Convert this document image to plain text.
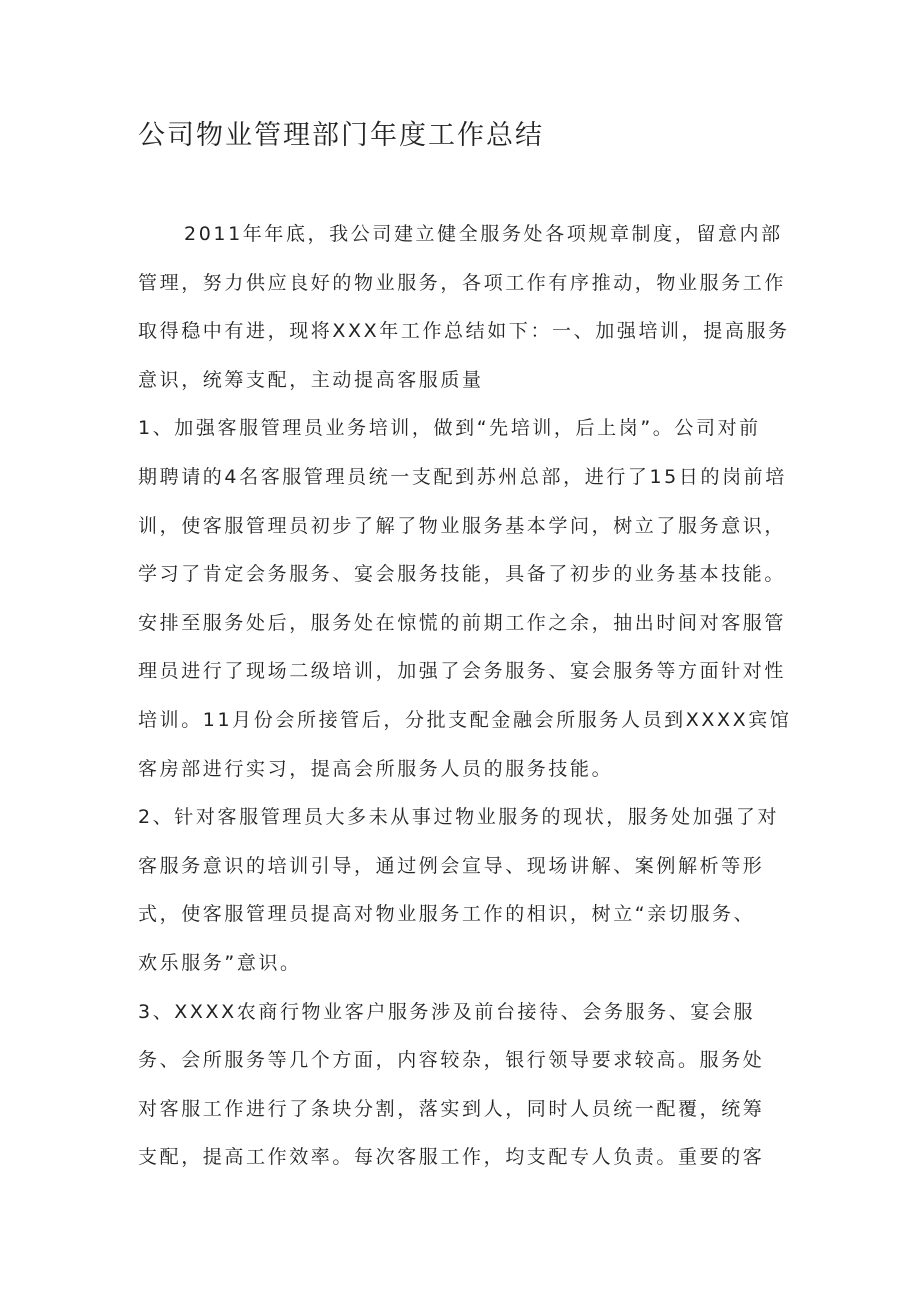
公司物业管理部门年度工作总结
2011年年底，我公司建立健全服务处各项规章制度，留意内部
管理，努力供应良好的物业服务，各项工作有序推动，物业服务工作
取得稳中有进，现将XXX年工作总结如下：一、加强培训，提高服务
意识，统筹支配，主动提高客服质量
1、加强客服管理员业务培训，做到“先培训，后上岗”。公司对前
期聘请的4名客服管理员统一支配到苏州总部，进行了15日的岗前培
训，使客服管理员初步了解了物业服务基本学问，树立了服务意识，
学习了肯定会务服务、宴会服务技能，具备了初步的业务基本技能。
安排至服务处后，服务处在惊慌的前期工作之余，抽出时间对客服管
理员进行了现场二级培训，加强了会务服务、宴会服务等方面针对性
培训。11月份会所接管后，分批支配金融会所服务人员到XXXX宾馆
客房部进行实习，提高会所服务人员的服务技能。
2、针对客服管理员大多未从事过物业服务的现状，服务处加强了对
客服务意识的培训引导，通过例会宣导、现场讲解、案例解析等形
式，使客服管理员提高对物业服务工作的相识，树立“亲切服务、
欢乐服务”意识。
3、XXXX农商行物业客户服务涉及前台接待、会务服务、宴会服
务、会所服务等几个方面，内容较杂，银行领导要求较高。服务处
对客服工作进行了条块分割，落实到人，同时人员统一配覆，统筹
支配，提高工作效率。每次客服工作，均支配专人负责。重要的客
